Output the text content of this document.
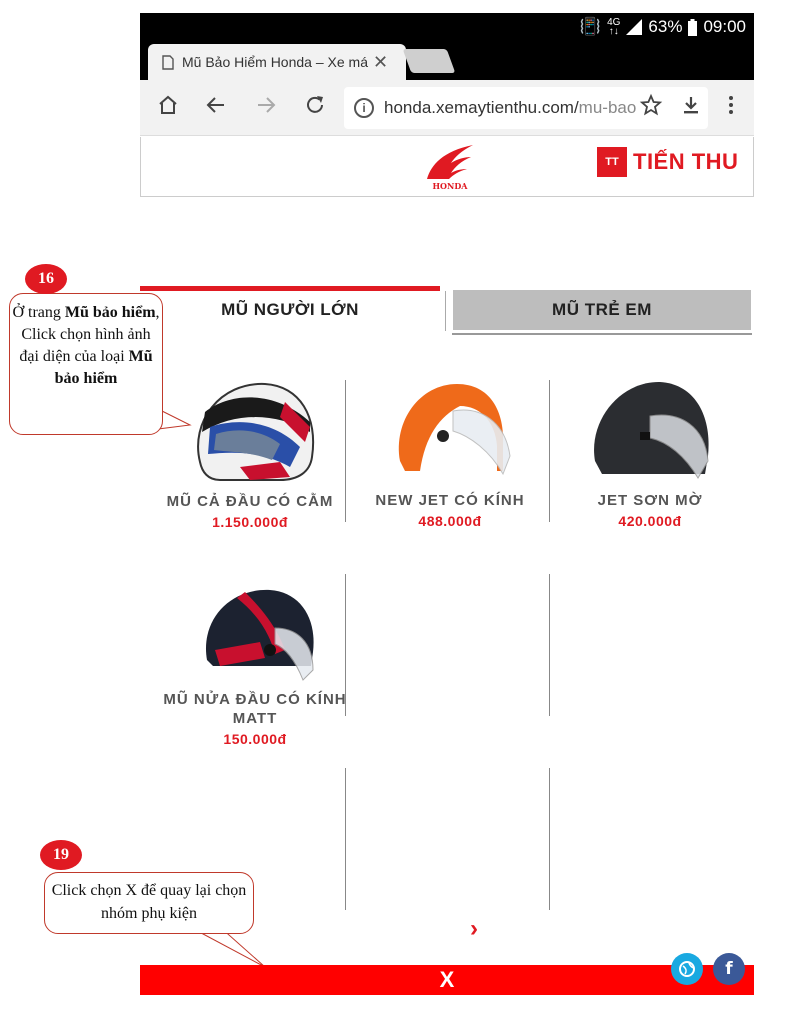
📳 4G
↑↓ 63% 09:00
Mũ Bảo Hiểm Honda – Xe má ✕
i	honda.xemaytienthu.com/mu-bao
HONDA
TT TIẾN THU
MŨ NGƯỜI LỚN	MŨ TRẺ EM
MŨ CẢ ĐẦU CÓ CẰM
1.150.000đ
NEW JET CÓ KÍNH
488.000đ
JET SƠN MỜ
420.000đ
MŨ NỬA ĐẦU CÓ KÍNH MATT
150.000đ
Ở trang Mũ bảo hiểm, Click chọn hình ảnh đại diện của loại Mũ bảo hiểm
16
Click chọn X để quay lại chọn nhóm phụ kiện
19
›
X	f
